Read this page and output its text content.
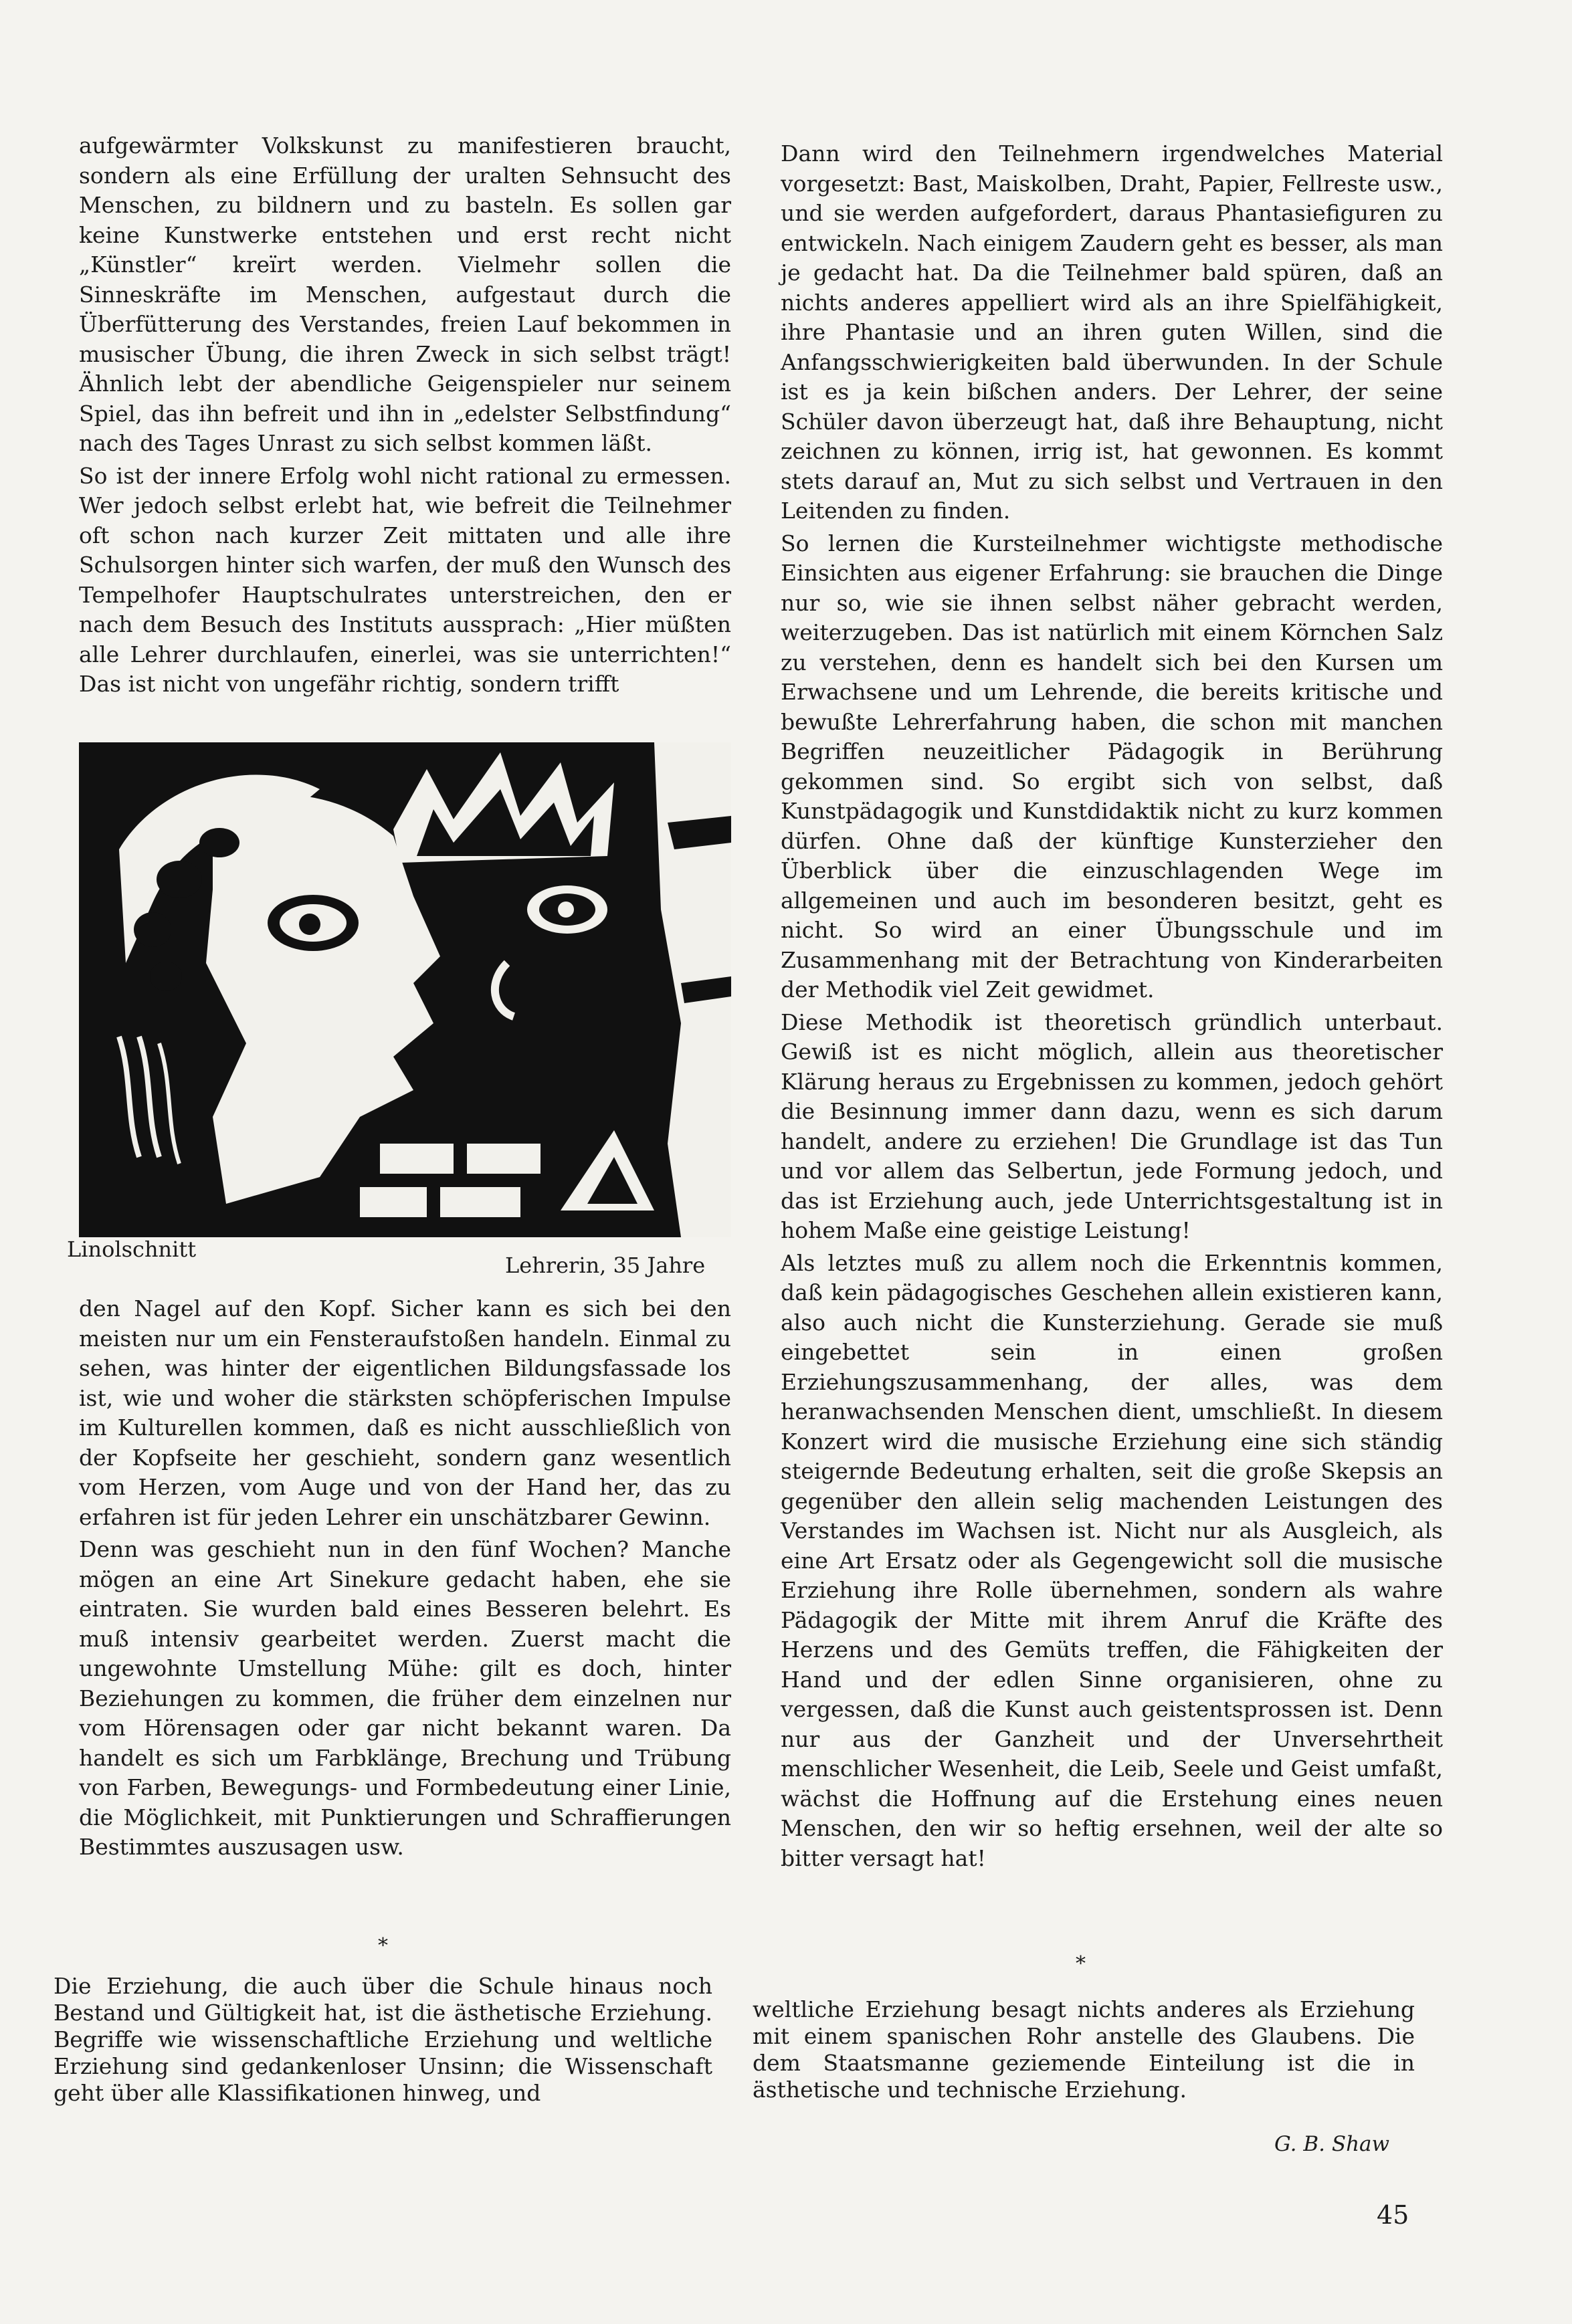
aufgewärmter Volkskunst zu manifestieren braucht, sondern als eine Erfüllung der uralten Sehnsucht des Menschen, zu bildnern und zu basteln. Es sollen gar keine Kunstwerke entstehen und erst recht nicht „Künstler“ kreïrt werden. Vielmehr sollen die Sinneskräfte im Menschen, aufgestaut durch die Überfütterung des Verstandes, freien Lauf bekommen in musischer Übung, die ihren Zweck in sich selbst trägt! Ähnlich lebt der abendliche Geigenspieler nur seinem Spiel, das ihn befreit und ihn in „edelster Selbstfindung“ nach des Tages Unrast zu sich selbst kommen läßt.

So ist der innere Erfolg wohl nicht rational zu ermessen. Wer jedoch selbst erlebt hat, wie befreit die Teilnehmer oft schon nach kurzer Zeit mittaten und alle ihre Schulsorgen hinter sich warfen, der muß den Wunsch des Tempelhofer Hauptschulrates unterstreichen, den er nach dem Besuch des Instituts aussprach: „Hier müßten alle Lehrer durchlaufen, einerlei, was sie unterrichten!“ Das ist nicht von ungefähr richtig, sondern trifft

Linolschnitt
Lehrerin, 35 Jahre

den Nagel auf den Kopf. Sicher kann es sich bei den meisten nur um ein Fensteraufstoßen handeln. Einmal zu sehen, was hinter der eigentlichen Bildungsfassade los ist, wie und woher die stärksten schöpferischen Impulse im Kulturellen kommen, daß es nicht ausschließlich von der Kopfseite her geschieht, sondern ganz wesentlich vom Herzen, vom Auge und von der Hand her, das zu erfahren ist für jeden Lehrer ein unschätzbarer Gewinn.

Denn was geschieht nun in den fünf Wochen? Manche mögen an eine Art Sinekure gedacht haben, ehe sie eintraten. Sie wurden bald eines Besseren belehrt. Es muß intensiv gearbeitet werden. Zuerst macht die ungewohnte Umstellung Mühe: gilt es doch, hinter Beziehungen zu kommen, die früher dem einzelnen nur vom Hörensagen oder gar nicht bekannt waren. Da handelt es sich um Farbklänge, Brechung und Trübung von Farben, Bewegungs- und Formbedeutung einer Linie, die Möglichkeit, mit Punktierungen und Schraffierungen Bestimmtes auszusagen usw.

Dann wird den Teilnehmern irgendwelches Material vorgesetzt: Bast, Maiskolben, Draht, Papier, Fellreste usw., und sie werden aufgefordert, daraus Phantasiefiguren zu entwickeln. Nach einigem Zaudern geht es besser, als man je gedacht hat. Da die Teilnehmer bald spüren, daß an nichts anderes appelliert wird als an ihre Spielfähigkeit, ihre Phantasie und an ihren guten Willen, sind die Anfangsschwierigkeiten bald überwunden. In der Schule ist es ja kein bißchen anders. Der Lehrer, der seine Schüler davon überzeugt hat, daß ihre Behauptung, nicht zeichnen zu können, irrig ist, hat gewonnen. Es kommt stets darauf an, Mut zu sich selbst und Vertrauen in den Leitenden zu finden.

So lernen die Kursteilnehmer wichtigste methodische Einsichten aus eigener Erfahrung: sie brauchen die Dinge nur so, wie sie ihnen selbst näher gebracht werden, weiterzugeben. Das ist natürlich mit einem Körnchen Salz zu verstehen, denn es handelt sich bei den Kursen um Erwachsene und um Lehrende, die bereits kritische und bewußte Lehrerfahrung haben, die schon mit manchen Begriffen neuzeitlicher Pädagogik in Berührung gekommen sind. So ergibt sich von selbst, daß Kunstpädagogik und Kunstdidaktik nicht zu kurz kommen dürfen. Ohne daß der künftige Kunsterzieher den Überblick über die einzuschlagenden Wege im allgemeinen und auch im besonderen besitzt, geht es nicht. So wird an einer Übungsschule und im Zusammenhang mit der Betrachtung von Kinderarbeiten der Methodik viel Zeit gewidmet.

Diese Methodik ist theoretisch gründlich unterbaut. Gewiß ist es nicht möglich, allein aus theoretischer Klärung heraus zu Ergebnissen zu kommen, jedoch gehört die Besinnung immer dann dazu, wenn es sich darum handelt, andere zu erziehen! Die Grundlage ist das Tun und vor allem das Selbertun, jede Formung jedoch, und das ist Erziehung auch, jede Unterrichtsgestaltung ist in hohem Maße eine geistige Leistung!

Als letztes muß zu allem noch die Erkenntnis kommen, daß kein pädagogisches Geschehen allein existieren kann, also auch nicht die Kunsterziehung. Gerade sie muß eingebettet sein in einen großen Erziehungszusammenhang, der alles, was dem heranwachsenden Menschen dient, umschließt. In diesem Konzert wird die musische Erziehung eine sich ständig steigernde Bedeutung erhalten, seit die große Skepsis an gegenüber den allein selig machenden Leistungen des Verstandes im Wachsen ist. Nicht nur als Ausgleich, als eine Art Ersatz oder als Gegengewicht soll die musische Erziehung ihre Rolle übernehmen, sondern als wahre Pädagogik der Mitte mit ihrem Anruf die Kräfte des Herzens und des Gemüts treffen, die Fähigkeiten der Hand und der edlen Sinne organisieren, ohne zu vergessen, daß die Kunst auch geistentsprossen ist. Denn nur aus der Ganzheit und der Unversehrtheit menschlicher Wesenheit, die Leib, Seele und Geist umfaßt, wächst die Hoffnung auf die Erstehung eines neuen Menschen, den wir so heftig ersehnen, weil der alte so bitter versagt hat!

*
*
Die Erziehung, die auch über die Schule hinaus noch Bestand und Gültigkeit hat, ist die ästhetische Erziehung. Begriffe wie wissenschaftliche Erziehung und weltliche Erziehung sind gedankenloser Unsinn; die Wissenschaft geht über alle Klassifikationen hinweg, und
weltliche Erziehung besagt nichts anderes als Erziehung mit einem spanischen Rohr anstelle des Glaubens. Die dem Staatsmanne geziemende Einteilung ist die in ästhetische und technische Erziehung.
G. B. Shaw
45
